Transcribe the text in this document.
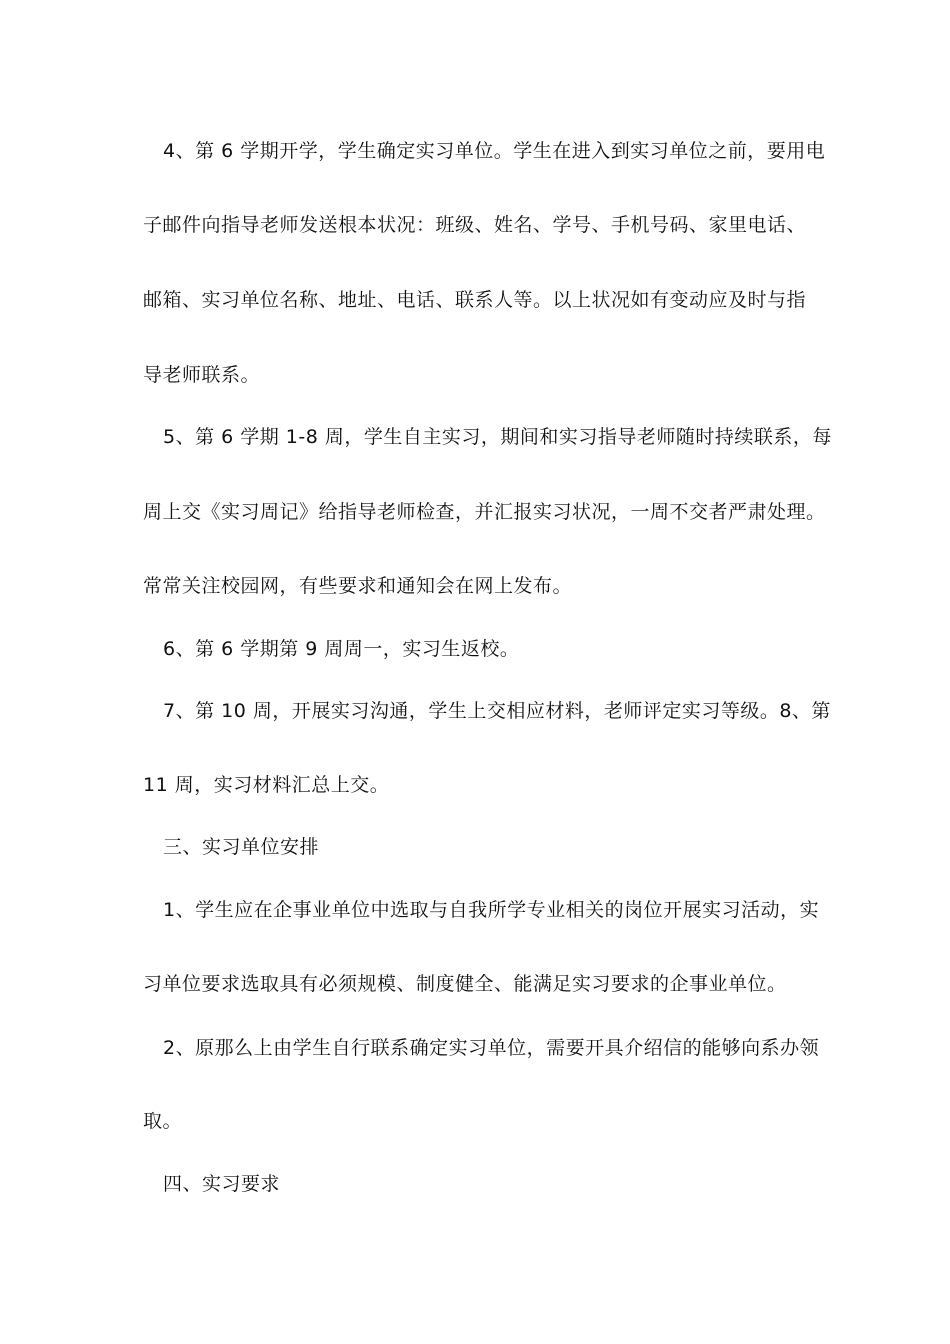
4、第 6 学期开学，学生确定实习单位。学生在进入到实习单位之前，要用电
子邮件向指导老师发送根本状况：班级、姓名、学号、手机号码、家里电话、
邮箱、实习单位名称、地址、电话、联系人等。以上状况如有变动应及时与指
导老师联系。
5、第 6 学期 1-8 周，学生自主实习，期间和实习指导老师随时持续联系，每
周上交《实习周记》给指导老师检查，并汇报实习状况，一周不交者严肃处理。
常常关注校园网，有些要求和通知会在网上发布。
6、第 6 学期第 9 周周一，实习生返校。
7、第 10 周，开展实习沟通，学生上交相应材料，老师评定实习等级。8、第
11 周，实习材料汇总上交。
三、实习单位安排
1、学生应在企事业单位中选取与自我所学专业相关的岗位开展实习活动，实
习单位要求选取具有必须规模、制度健全、能满足实习要求的企事业单位。
2、原那么上由学生自行联系确定实习单位，需要开具介绍信的能够向系办领
取。
四、实习要求
